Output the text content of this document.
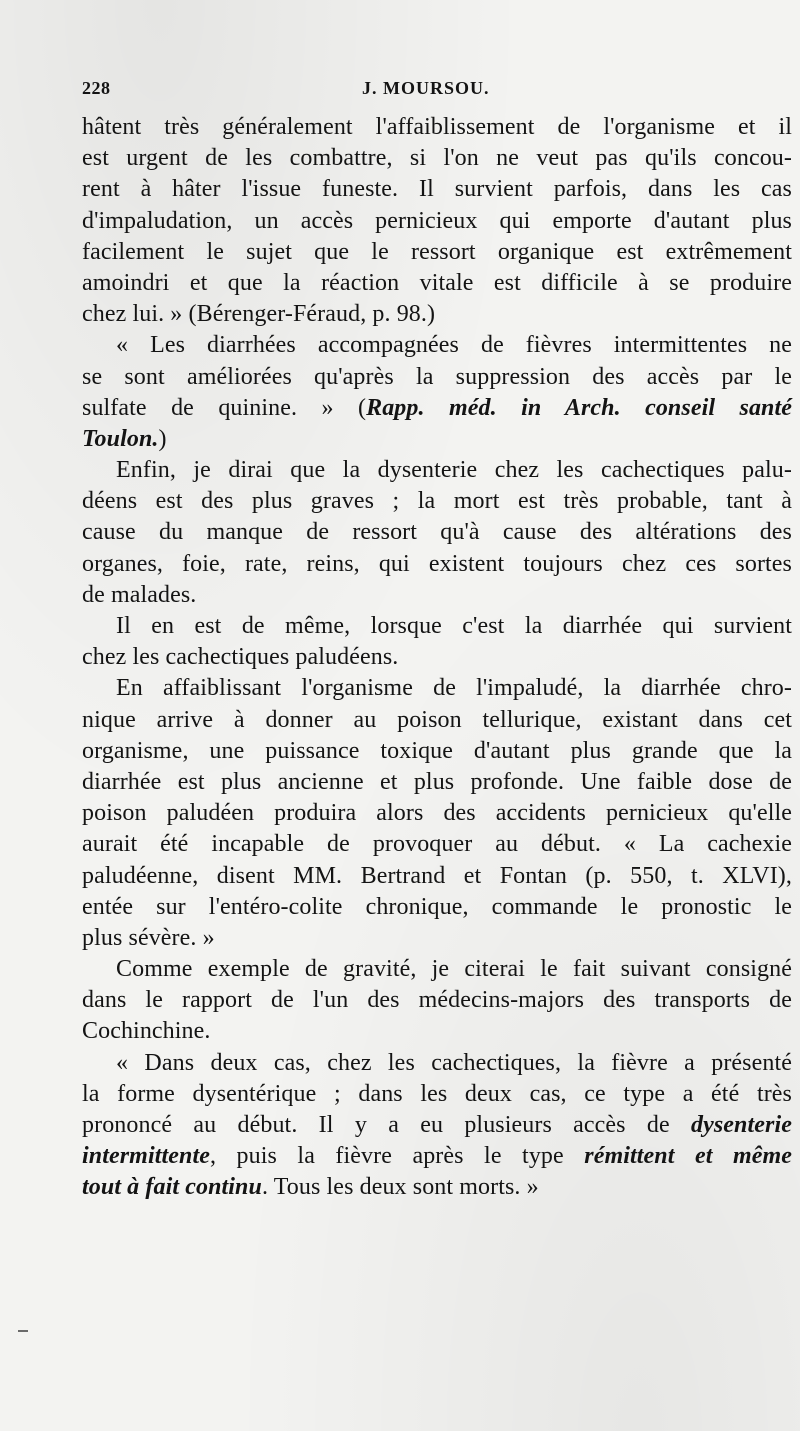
228	J. MOURSOU.
hâtent très généralement l'affaiblissement de l'organisme et il
est urgent de les combattre, si l'on ne veut pas qu'ils concou-
rent à hâter l'issue funeste. Il survient parfois, dans les cas
d'impaludation, un accès pernicieux qui emporte d'autant plus
facilement le sujet que le ressort organique est extrêmement
amoindri et que la réaction vitale est difficile à se produire
chez lui. » (Bérenger-Féraud, p. 98.)
« Les diarrhées accompagnées de fièvres intermittentes ne
se sont améliorées qu'après la suppression des accès par le
sulfate de quinine. » (Rapp. méd. in Arch. conseil santé
Toulon.)
Enfin, je dirai que la dysenterie chez les cachectiques palu-
déens est des plus graves ; la mort est très probable, tant à
cause du manque de ressort qu'à cause des altérations des
organes, foie, rate, reins, qui existent toujours chez ces sortes
de malades.
Il en est de même, lorsque c'est la diarrhée qui survient
chez les cachectiques paludéens.
En affaiblissant l'organisme de l'impaludé, la diarrhée chro-
nique arrive à donner au poison tellurique, existant dans cet
organisme, une puissance toxique d'autant plus grande que la
diarrhée est plus ancienne et plus profonde. Une faible dose de
poison paludéen produira alors des accidents pernicieux qu'elle
aurait été incapable de provoquer au début. « La cachexie
paludéenne, disent MM. Bertrand et Fontan (p. 550, t. XLVI),
entée sur l'entéro-colite chronique, commande le pronostic le
plus sévère. »
Comme exemple de gravité, je citerai le fait suivant consigné
dans le rapport de l'un des médecins-majors des transports de
Cochinchine.
« Dans deux cas, chez les cachectiques, la fièvre a présenté
la forme dysentérique ; dans les deux cas, ce type a été très
prononcé au début. Il y a eu plusieurs accès de dysenterie
intermittente, puis la fièvre après le type rémittent et même
tout à fait continu. Tous les deux sont morts. »
